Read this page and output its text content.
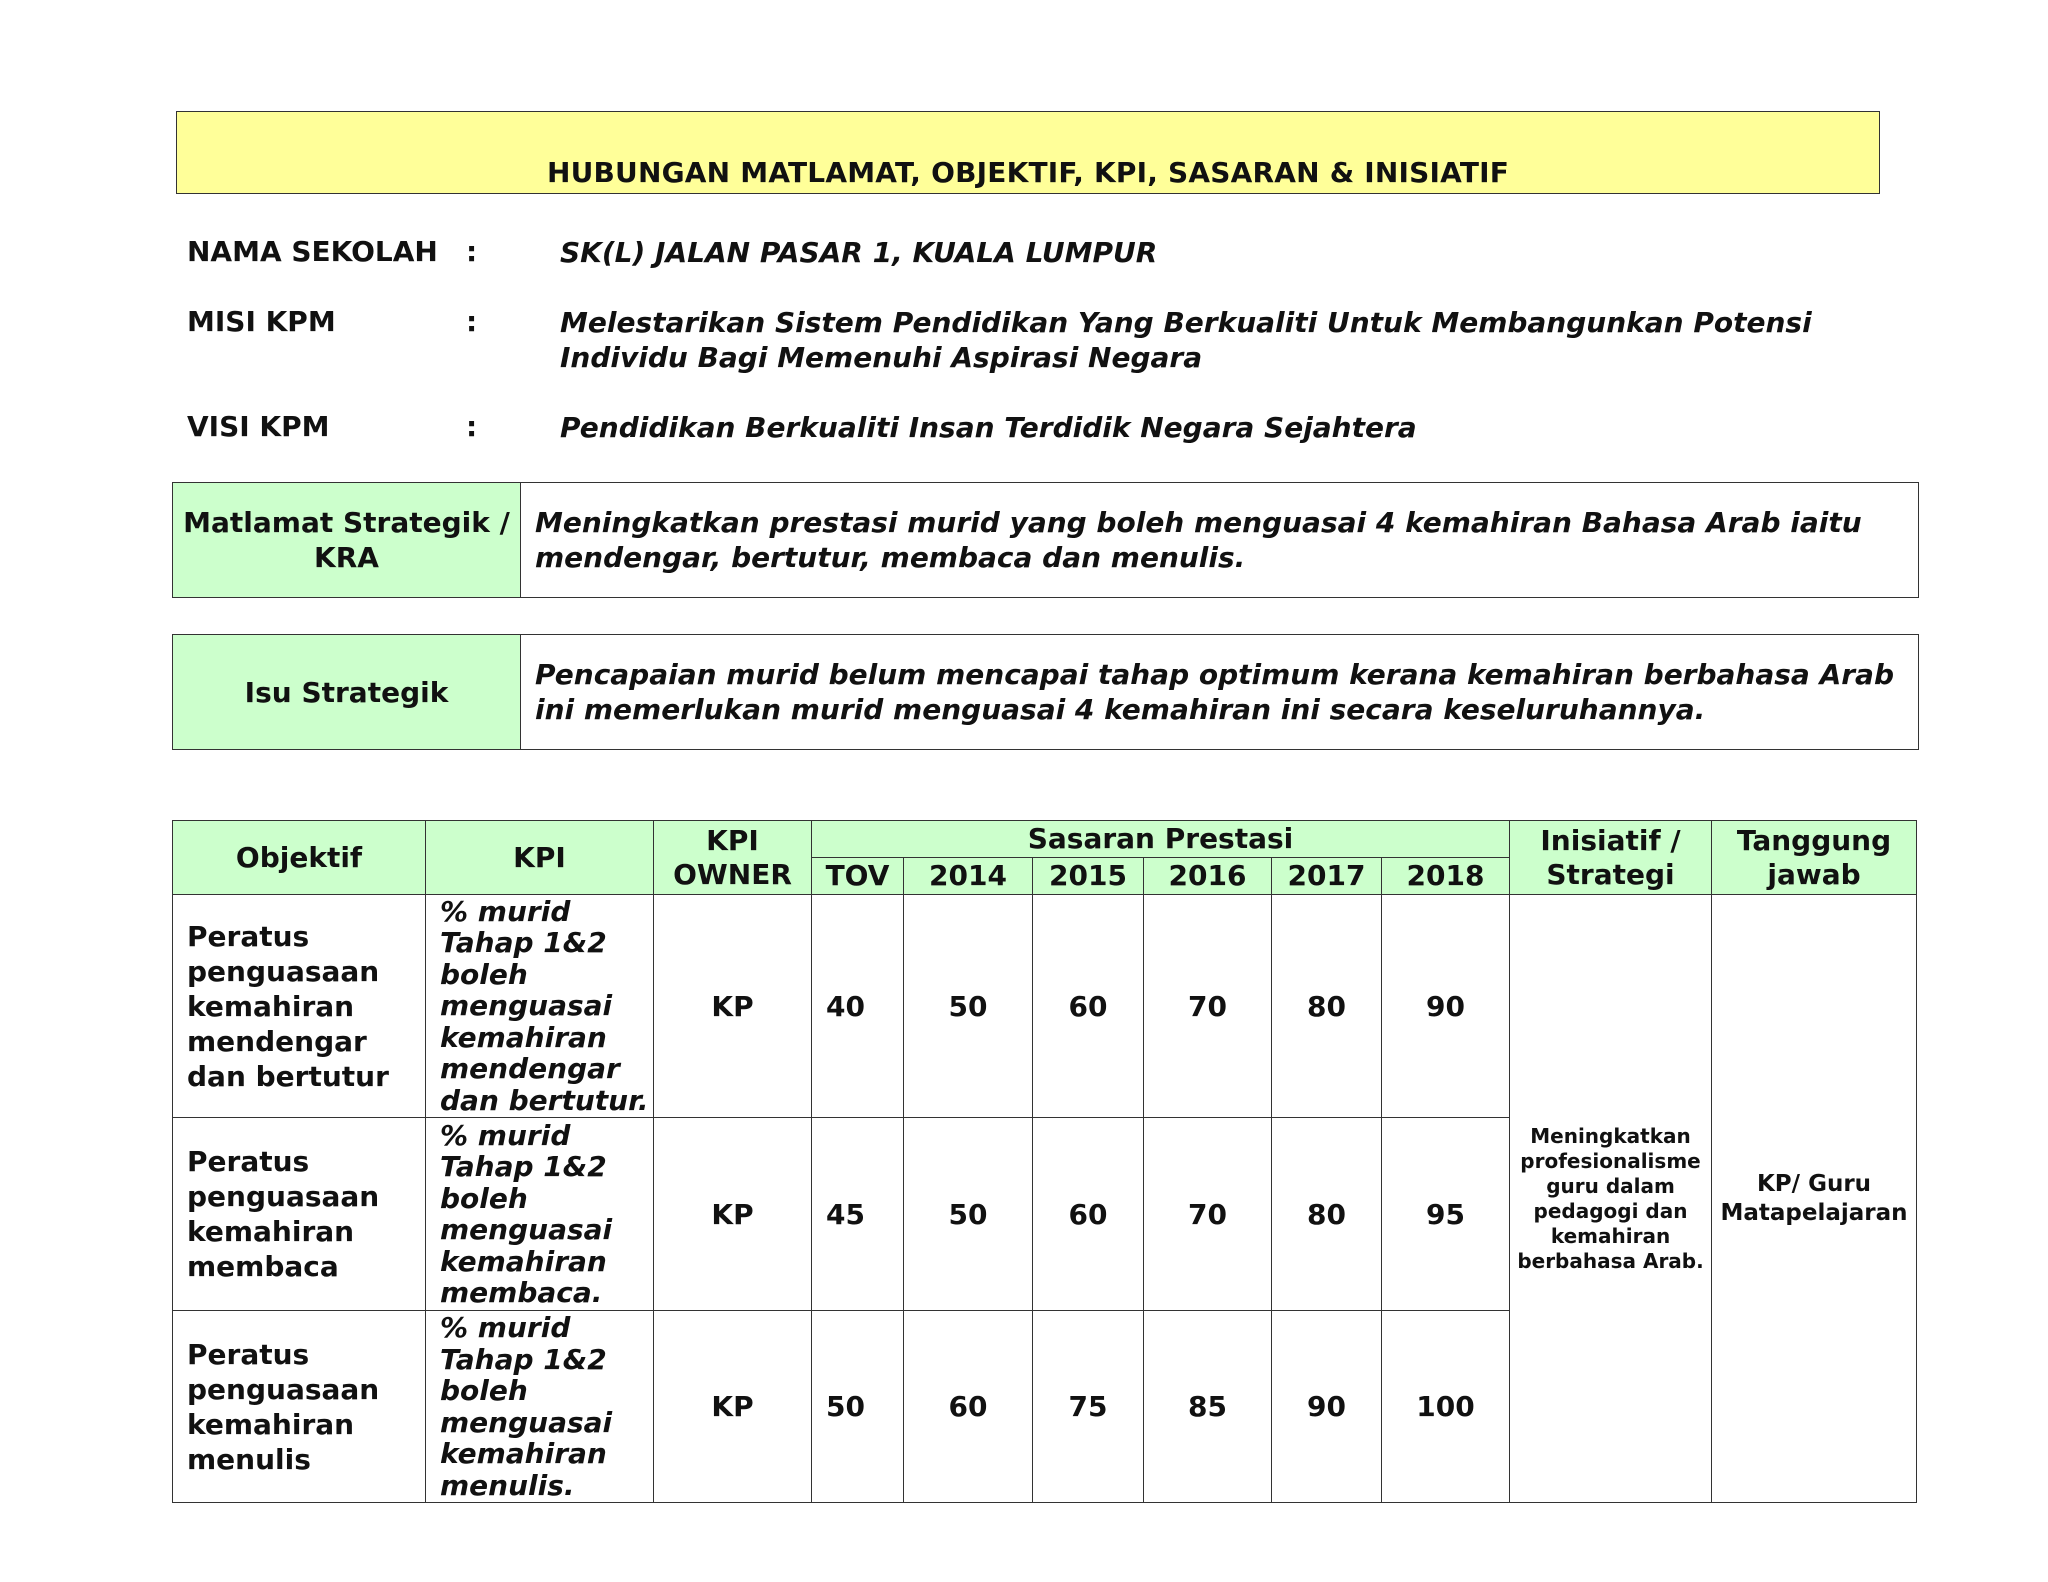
HUBUNGAN MATLAMAT, OBJEKTIF, KPI, SASARAN & INISIATIF
NAMA SEKOLAH :	SK(L) JALAN PASAR 1, KUALA LUMPUR
MISI KPM	:	Melestarikan Sistem Pendidikan Yang Berkualiti Untuk Membangunkan Potensi Individu Bagi Memenuhi Aspirasi Negara
VISI KPM	:	Pendidikan Berkualiti Insan Terdidik Negara Sejahtera
Matlamat Strategik / KRA	Meningkatkan prestasi murid yang boleh menguasai 4 kemahiran Bahasa Arab iaitu mendengar, bertutur, membaca dan menulis.
Isu Strategik	Pencapaian murid belum mencapai tahap optimum kerana kemahiran berbahasa Arab ini memerlukan murid menguasai 4 kemahiran ini secara keseluruhannya.
Objektif	KPI	KPI OWNER	Sasaran Prestasi						Inisiatif / Strategi	Tanggung jawab
			TOV	2014	2015	2016	2017	2018		
Peratus penguasaan kemahiran mendengar dan bertutur	% murid Tahap 1&2 boleh menguasai kemahiran mendengar dan bertutur.	KP	40	50	60	70	80	90	Meningkatkan profesionalisme guru dalam pedagogi dan kemahiran berbahasa Arab.	KP/ Guru Matapelajaran
Peratus penguasaan kemahiran membaca	% murid Tahap 1&2 boleh menguasai kemahiran membaca.	KP	45	50	60	70	80	95		
Peratus penguasaan kemahiran menulis	% murid Tahap 1&2 boleh menguasai kemahiran menulis.	KP	50	60	75	85	90	100		
